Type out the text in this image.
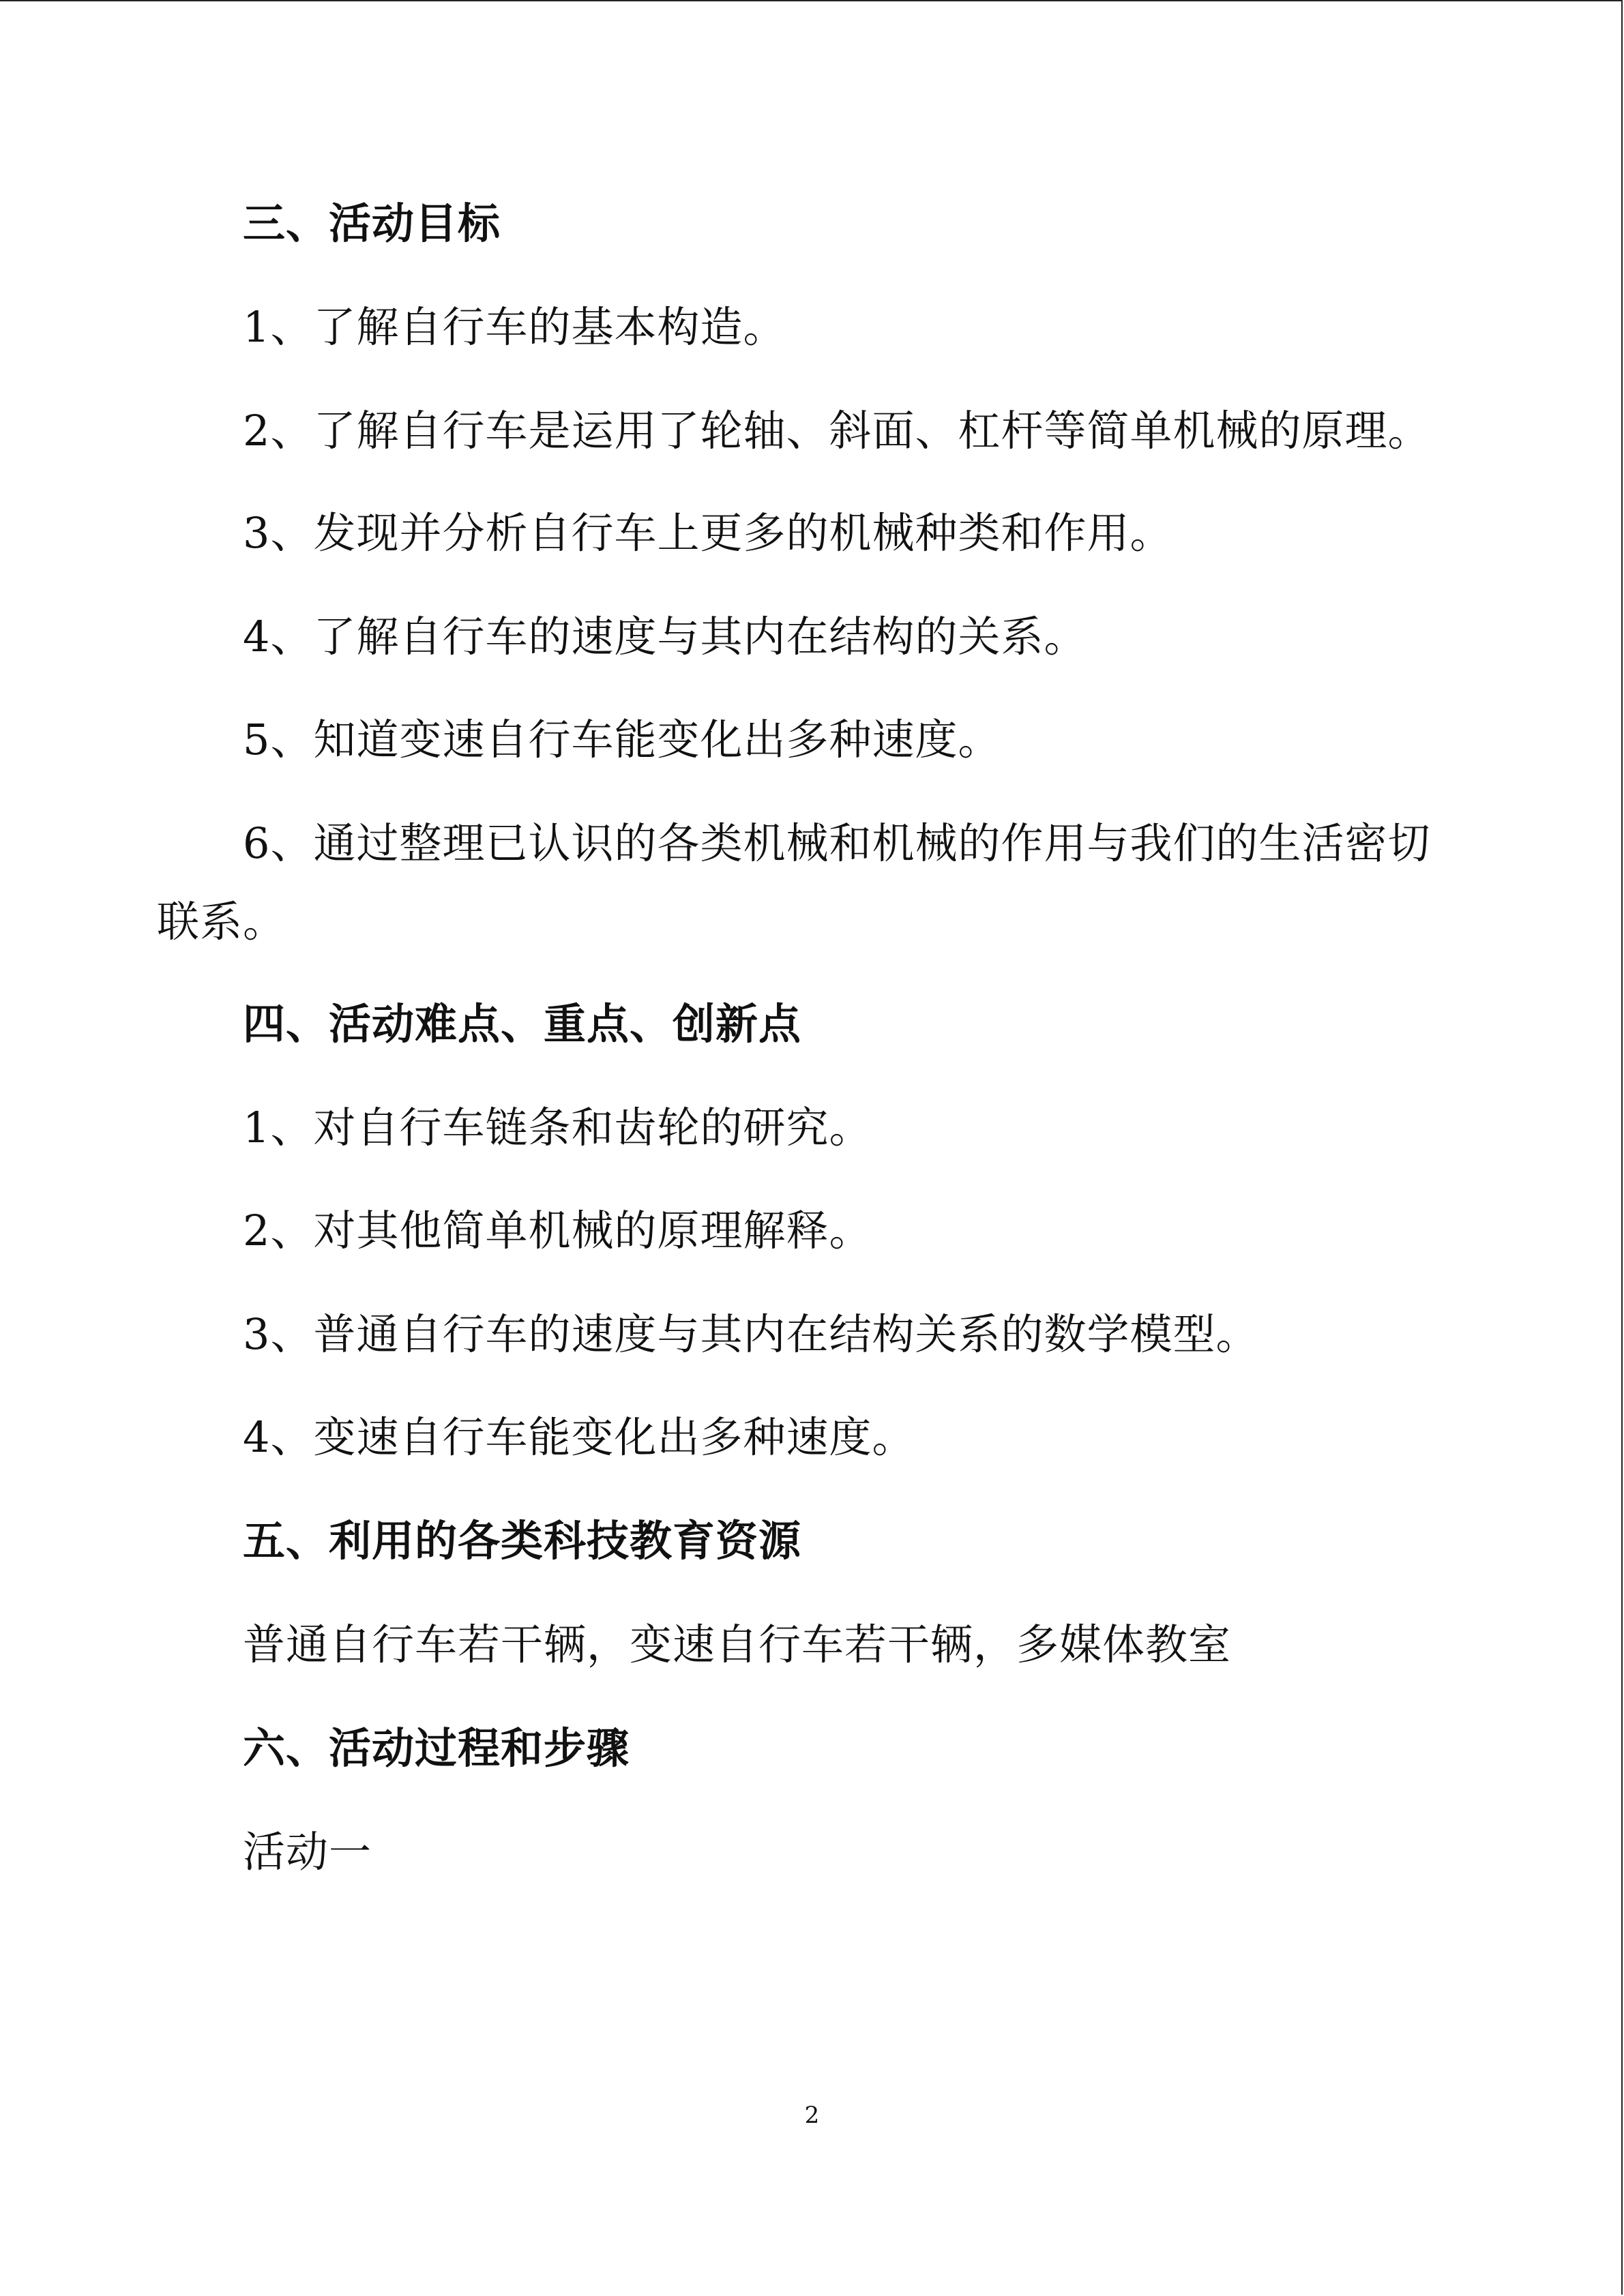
三、活动目标
1、了解自行车的基本构造。
2、了解自行车是运用了轮轴、斜面、杠杆等简单机械的原理。
3、发现并分析自行车上更多的机械种类和作用。
4、了解自行车的速度与其内在结构的关系。
5、知道变速自行车能变化出多种速度。
6、通过整理已认识的各类机械和机械的作用与我们的生活密切
联系。
四、活动难点、重点、创新点
1、对自行车链条和齿轮的研究。
2、对其他简单机械的原理解释。
3、普通自行车的速度与其内在结构关系的数学模型。
4、变速自行车能变化出多种速度。
五、利用的各类科技教育资源
普通自行车若干辆，变速自行车若干辆，多媒体教室
六、活动过程和步骤
活动一
2
